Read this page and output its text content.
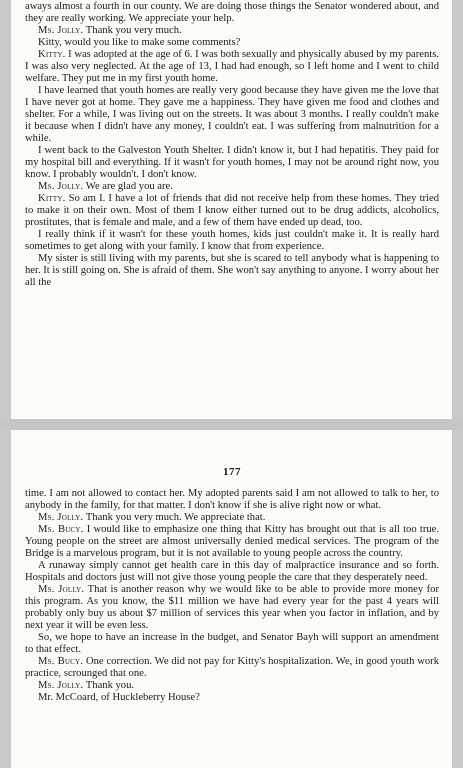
aways almost a fourth in our county. We are doing those things the Senator wondered about, and they are really working. We appreciate your help.

Ms. Jolly. Thank you very much.

Kitty, would you like to make some comments?

Kitty. I was adopted at the age of 6. I was both sexually and physically abused by my parents. I was also very neglected. At the age of 13, I had had enough, so I left home and I went to child welfare. They put me in my first youth home.

I have learned that youth homes are really very good because they have given me the love that I have never got at home. They gave me a happiness. They have given me food and clothes and shelter. For a while, I was living out on the streets. It was about 3 months. I really couldn't make it because when I didn't have any money, I couldn't eat. I was suffering from malnutrition for a while.

I went back to the Galveston Youth Shelter. I didn't know it, but I had hepatitis. They paid for my hospital bill and everything. If it wasn't for youth homes, I may not be around right now, you know. I probably wouldn't. I don't know.

Ms. Jolly. We are glad you are.

Kitty. So am I. I have a lot of friends that did not receive help from these homes. They tried to make it on their own. Most of them I know either turned out to be drug addicts, alcoholics, prostitutes, that is female and male, and a few of them have ended up dead, too.

I really think if it wasn't for these youth homes, kids just couldn't make it. It is really hard sometimes to get along with your family. I know that from experience.

My sister is still living with my parents, but she is scared to tell anybody what is happening to her. It is still going on. She is afraid of them. She won't say anything to anyone. I worry about her all the

177

time. I am not allowed to contact her. My adopted parents said I am not allowed to talk to her, to anybody in the family, for that matter. I don't know if she is alive right now or what.

Ms. Jolly. Thank you very much. We appreciate that.

Ms. Bucy. I would like to emphasize one thing that Kitty has brought out that is all too true. Young people on the street are almost universally denied medical services. The program of the Bridge is a marvelous program, but it is not available to young people across the country.

A runaway simply cannot get health care in this day of malpractice insurance and so forth. Hospitals and doctors just will not give those young people the care that they desperately need.

Ms. Jolly. That is another reason why we would like to be able to provide more money for this program. As you know, the $11 million we have had every year for the past 4 years will probably only buy us about $7 million of services this year when you factor in inflation, and by next year it will be even less.

So, we hope to have an increase in the budget, and Senator Bayh will support an amendment to that effect.

Ms. Bucy. One correction. We did not pay for Kitty's hospitalization. We, in good youth work practice, scrounged that one.

Ms. Jolly. Thank you.

Mr. McCoard, of Huckleberry House?
